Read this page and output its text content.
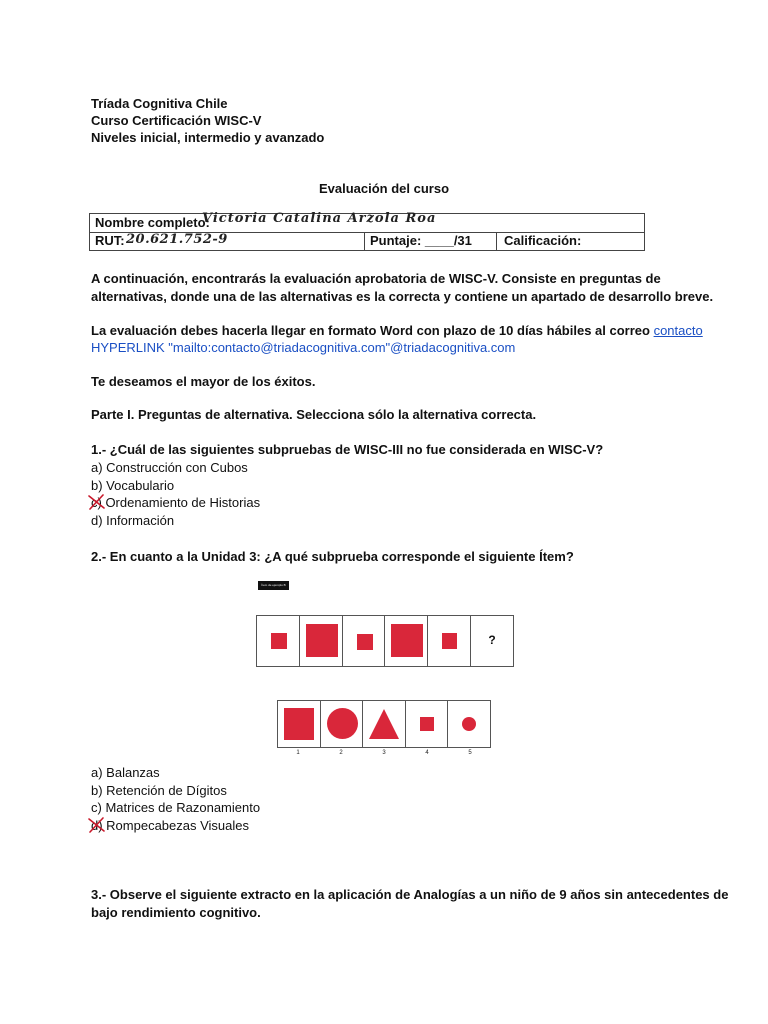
Tríada Cognitiva Chile
Curso Certificación WISC-V
Niveles inicial, intermedio y avanzado
Evaluación del curso
Nombre completo:
Victoria Catalina Arzola Roa
RUT: 20.621.752-9	Puntaje: ____/31 Calificación:
A continuación, encontrarás la evaluación aprobatoria de WISC-V. Consiste en preguntas de
alternativas, donde una de las alternativas es la correcta y contiene un apartado de desarrollo breve.
La evaluación debes hacerla llegar en formato Word con plazo de 10 días hábiles al correo contacto
HYPERLINK "mailto:contacto@triadacognitiva.com"@triadacognitiva.com
Te deseamos el mayor de los éxitos.
Parte I. Preguntas de alternativa. Selecciona sólo la alternativa correcta.
1.- ¿Cuál de las siguientes subpruebas de WISC-III no fue considerada en WISC-V?
a) Construcción con Cubos
b) Vocabulario
c) Ordenamiento de Historias
d) Información
2.- En cuanto a la Unidad 3: ¿A qué subprueba corresponde el siguiente Ítem?
Ítem de ejemplo B
?
1	2	3	4	5
a) Balanzas
b) Retención de Dígitos
c) Matrices de Razonamiento
d) Rompecabezas Visuales
3.- Observe el siguiente extracto en la aplicación de Analogías a un niño de 9 años sin antecedentes de
bajo rendimiento cognitivo.
